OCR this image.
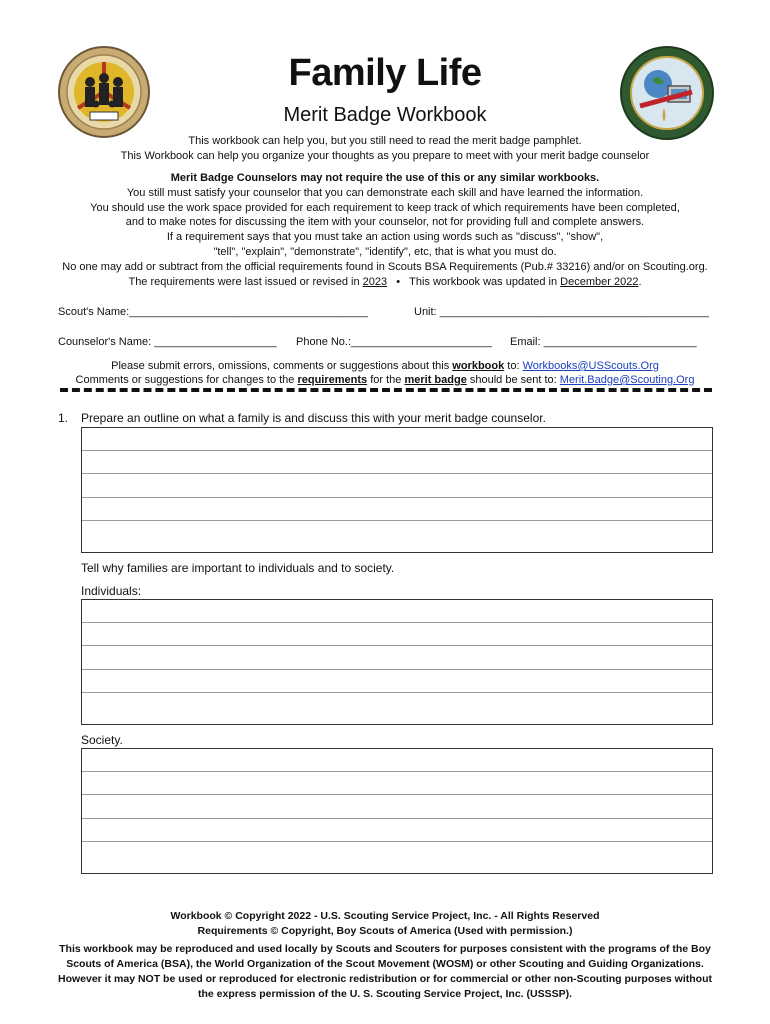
Family Life
Merit Badge Workbook
This workbook can help you, but you still need to read the merit badge pamphlet.
This Workbook can help you organize your thoughts as you prepare to meet with your merit badge counselor
Merit Badge Counselors may not require the use of this or any similar workbooks.
You still must satisfy your counselor that you can demonstrate each skill and have learned the information.
You should use the work space provided for each requirement to keep track of which requirements have been completed,
and to make notes for discussing the item with your counselor, not for providing full and complete answers.
If a requirement says that you must take an action using words such as "discuss", "show",
"tell", "explain", "demonstrate", "identify", etc, that is what you must do.
No one may add or subtract from the official requirements found in Scouts BSA Requirements (Pub.# 33216) and/or on Scouting.org.
The requirements were last issued or revised in 2023 • This workbook was updated in December 2022.
Scout's Name:_______________________________________	Unit: ____________________________________________
Counselor's Name: ____________________ Phone No.:_______________________ Email: _________________________
Please submit errors, omissions, comments or suggestions about this workbook to: Workbooks@USScouts.Org
Comments or suggestions for changes to the requirements for the merit badge should be sent to: Merit.Badge@Scouting.Org
1. Prepare an outline on what a family is and discuss this with your merit badge counselor.
Tell why families are important to individuals and to society.
Individuals:
Society.
Workbook © Copyright 2022 - U.S. Scouting Service Project, Inc. - All Rights Reserved
Requirements © Copyright, Boy Scouts of America (Used with permission.)
This workbook may be reproduced and used locally by Scouts and Scouters for purposes consistent with the programs of the Boy
Scouts of America (BSA), the World Organization of the Scout Movement (WOSM) or other Scouting and Guiding Organizations.
However it may NOT be used or reproduced for electronic redistribution or for commercial or other non-Scouting purposes without
the express permission of the U. S. Scouting Service Project, Inc. (USSSP).
